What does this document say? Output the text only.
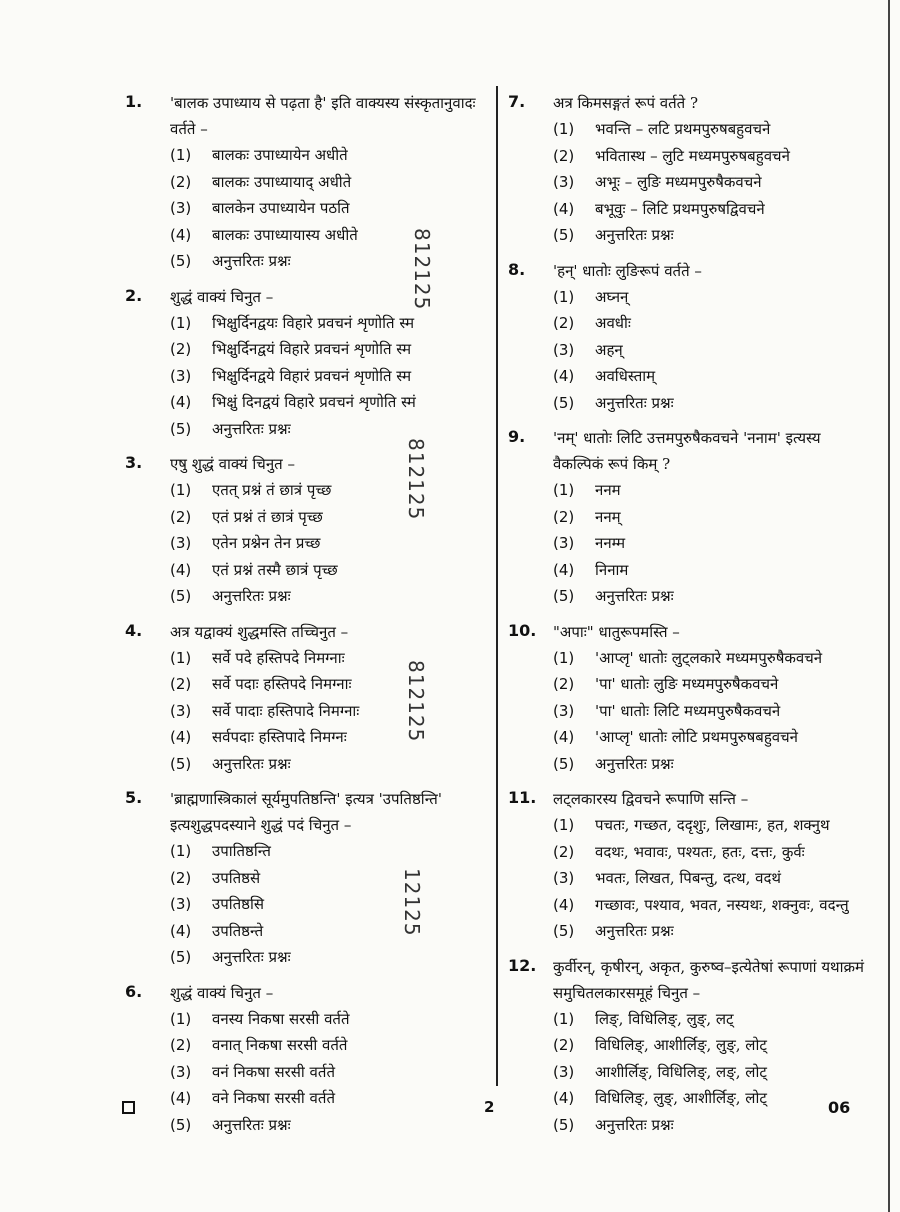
1. 'बालक उपाध्याय से पढ़ता है' इति वाक्यस्य संस्कृतानुवादः वर्तते –
(1)	बालकः उपाध्यायेन अधीते
(2)	बालकः उपाध्यायाद् अधीते
(3)	बालकेन उपाध्यायेन पठति
(4)	बालकः उपाध्यायास्य अधीते
(5)	अनुत्तरितः प्रश्नः
2. शुद्धं वाक्यं चिनुत –
(1)	भिक्षुर्दिनद्वयः विहारे प्रवचनं शृणोति स्म
(2)	भिक्षुर्दिनद्वयं विहारे प्रवचनं शृणोति स्म
(3)	भिक्षुर्दिनद्वये विहारं प्रवचनं शृणोति स्म
(4)	भिक्षुं दिनद्वयं विहारे प्रवचनं शृणोति स्मं
(5)	अनुत्तरितः प्रश्नः
3. एषु शुद्धं वाक्यं चिनुत –
(1)	एतत् प्रश्नं तं छात्रं पृच्छ
(2)	एतं प्रश्नं तं छात्रं पृच्छ
(3)	एतेन प्रश्नेन तेन प्रच्छ
(4)	एतं प्रश्नं तस्मै छात्रं पृच्छ
(5)	अनुत्तरितः प्रश्नः
4. अत्र यद्वाक्यं शुद्धमस्ति तच्चिनुत –
(1)	सर्वे पदे हस्तिपदे निमग्नाः
(2)	सर्वे पदाः हस्तिपदे निमग्नाः
(3)	सर्वे पादाः हस्तिपादे निमग्नाः
(4)	सर्वपदाः हस्तिपादे निमग्नः
(5)	अनुत्तरितः प्रश्नः
5. 'ब्राह्मणास्त्रिकालं सूर्यमुपतिष्ठन्ति' इत्यत्र 'उपतिष्ठन्ति' इत्यशुद्धपदस्याने शुद्धं पदं चिनुत –
(1)	उपातिष्ठन्ति
(2)	उपतिष्ठसे
(3)	उपतिष्ठसि
(4)	उपतिष्ठन्ते
(5)	अनुत्तरितः प्रश्नः
6. शुद्धं वाक्यं चिनुत –
(1)	वनस्य निकषा सरसी वर्तते
(2)	वनात् निकषा सरसी वर्तते
(3)	वनं निकषा सरसी वर्तते
(4)	वने निकषा सरसी वर्तते
(5)	अनुत्तरितः प्रश्नः
7. अत्र किमसङ्गतं रूपं वर्तते ?
(1)	भवन्ति – लटि प्रथमपुरुषबहुवचने
(2)	भवितास्थ – लुटि मध्यमपुरुषबहुवचने
(3)	अभूः – लुङि मध्यमपुरुषैकवचने
(4)	बभूवुः – लिटि प्रथमपुरुषद्विवचने
(5)	अनुत्तरितः प्रश्नः
8. 'हन्' धातोः लुङिरूपं वर्तते –
(1)	अघ्नन्
(2)	अवधीः
(3)	अहन्
(4)	अवधिस्ताम्
(5)	अनुत्तरितः प्रश्नः
9. 'नम्' धातोः लिटि उत्तमपुरुषैकवचने 'ननाम' इत्यस्य वैकल्पिकं रूपं किम् ?
(1)	ननम
(2)	ननम्
(3)	ननम्म
(4)	निनाम
(5)	अनुत्तरितः प्रश्नः
10. "अपाः" धातुरूपमस्ति –
(1)	'आप्लृ' धातोः लुट्लकारे मध्यमपुरुषैकवचने
(2)	'पा' धातोः लुङि मध्यमपुरुषैकवचने
(3)	'पा' धातोः लिटि मध्यमपुरुषैकवचने
(4)	'आप्लृ' धातोः लोटि प्रथमपुरुषबहुवचने
(5)	अनुत्तरितः प्रश्नः
11. लट्लकारस्य द्विवचने रूपाणि सन्ति –
(1)	पचतः, गच्छत, ददृशुः, लिखामः, हत, शक्नुथ
(2)	वदथः, भवावः, पश्यतः, हतः, दत्तः, कुर्वः
(3)	भवतः, लिखत, पिबन्तु, दत्थ, वदथं
(4)	गच्छावः, पश्याव, भवत, नस्यथः, शक्नुवः, वदन्तु
(5)	अनुत्तरितः प्रश्नः
12. कुर्वीरन्, कृषीरन्, अकृत, कुरुष्व–इत्येतेषां रूपाणां यथाक्रमं समुचितलकारसमूहं चिनुत –
(1)	लिङ्, विधिलिङ्, लुङ्, लट्
(2)	विधिलिङ्, आशीर्लिङ्, लुङ्, लोट्
(3)	आशीर्लिङ्, विधिलिङ्, लङ्, लोट्
(4)	विधिलिङ्, लुङ्, आशीर्लिङ्, लोट्
(5)	अनुत्तरितः प्रश्नः
812125
812125
812125
12125
2	06
